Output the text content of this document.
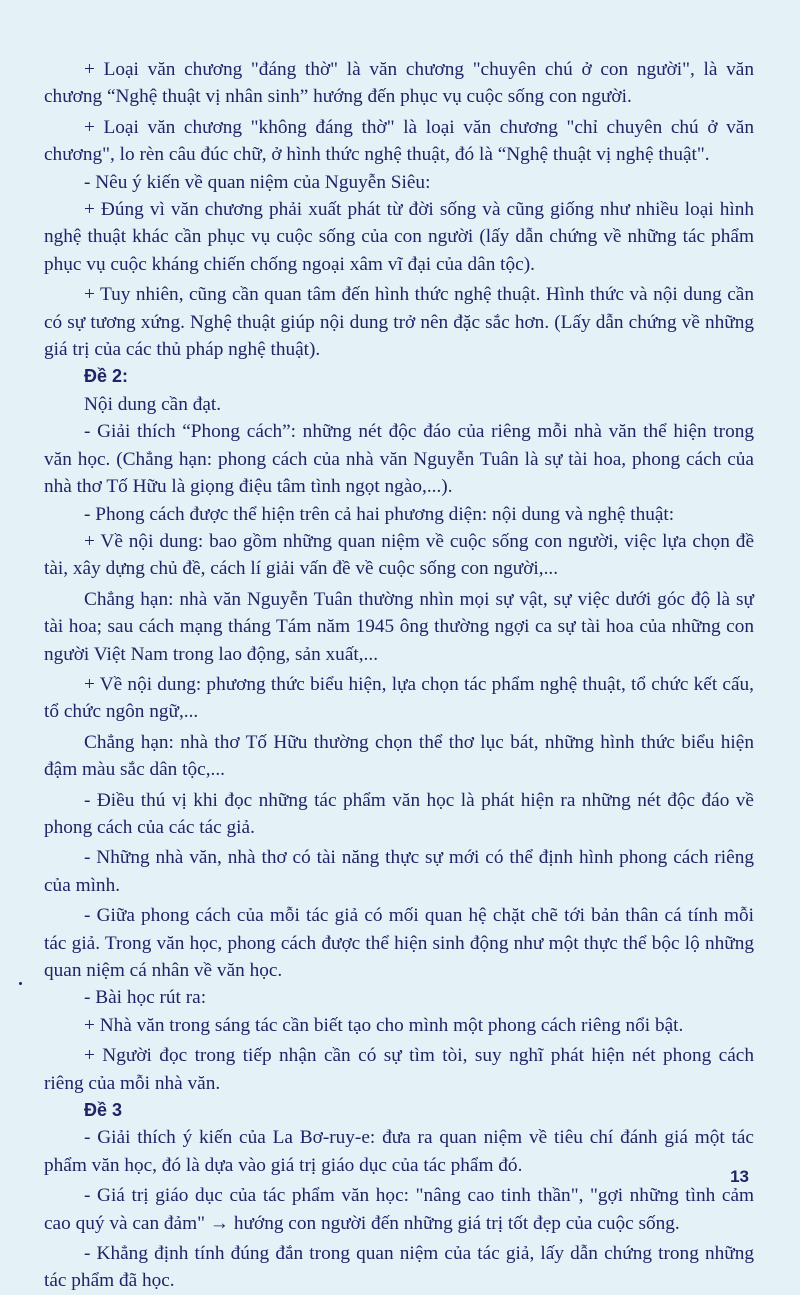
+ Loại văn chương "đáng thờ" là văn chương "chuyên chú ở con người", là văn chương “Nghệ thuật vị nhân sinh” hướng đến phục vụ cuộc sống con người.

+ Loại văn chương "không đáng thờ" là loại văn chương "chỉ chuyên chú ở văn chương", lo rèn câu đúc chữ, ở hình thức nghệ thuật, đó là “Nghệ thuật vị nghệ thuật".

- Nêu ý kiến về quan niệm của Nguyễn Siêu:

+ Đúng vì văn chương phải xuất phát từ đời sống và cũng giống như nhiều loại hình nghệ thuật khác cần phục vụ cuộc sống của con người (lấy dẫn chứng về những tác phẩm phục vụ cuộc kháng chiến chống ngoại xâm vĩ đại của dân tộc).

+ Tuy nhiên, cũng cần quan tâm đến hình thức nghệ thuật. Hình thức và nội dung cần có sự tương xứng. Nghệ thuật giúp nội dung trở nên đặc sắc hơn. (Lấy dẫn chứng về những giá trị của các thủ pháp nghệ thuật).

Đề 2:

Nội dung cần đạt.

- Giải thích “Phong cách”: những nét độc đáo của riêng mỗi nhà văn thể hiện trong văn học. (Chẳng hạn: phong cách của nhà văn Nguyễn Tuân là sự tài hoa, phong cách của nhà thơ Tố Hữu là giọng điệu tâm tình ngọt ngào,...).

- Phong cách được thể hiện trên cả hai phương diện: nội dung và nghệ thuật:

+ Về nội dung: bao gồm những quan niệm về cuộc sống con người, việc lựa chọn đề tài, xây dựng chủ đề, cách lí giải vấn đề về cuộc sống con người,...

Chẳng hạn: nhà văn Nguyễn Tuân thường nhìn mọi sự vật, sự việc dưới góc độ là sự tài hoa; sau cách mạng tháng Tám năm 1945 ông thường ngợi ca sự tài hoa của những con người Việt Nam trong lao động, sản xuất,...

+ Về nội dung: phương thức biểu hiện, lựa chọn tác phẩm nghệ thuật, tổ chức kết cấu, tổ chức ngôn ngữ,...

Chẳng hạn: nhà thơ Tố Hữu thường chọn thể thơ lục bát, những hình thức biểu hiện đậm màu sắc dân tộc,...

- Điều thú vị khi đọc những tác phẩm văn học là phát hiện ra những nét độc đáo về phong cách của các tác giả.

- Những nhà văn, nhà thơ có tài năng thực sự mới có thể định hình phong cách riêng của mình.

- Giữa phong cách của mỗi tác giả có mối quan hệ chặt chẽ tới bản thân cá tính mỗi tác giả. Trong văn học, phong cách được thể hiện sinh động như một thực thể bộc lộ những quan niệm cá nhân về văn học.

- Bài học rút ra:

+ Nhà văn trong sáng tác cần biết tạo cho mình một phong cách riêng nổi bật.

+ Người đọc trong tiếp nhận cần có sự tìm tòi, suy nghĩ phát hiện nét phong cách riêng của mỗi nhà văn.

Đề 3

- Giải thích ý kiến của La Bơ-ruy-e: đưa ra quan niệm về tiêu chí đánh giá một tác phẩm văn học, đó là dựa vào giá trị giáo dục của tác phẩm đó.

- Giá trị giáo dục của tác phẩm văn học: "nâng cao tinh thần", "gợi những tình cảm cao quý và can đảm" → hướng con người đến những giá trị tốt đẹp của cuộc sống.

- Khẳng định tính đúng đắn trong quan niệm của tác giả, lấy dẫn chứng trong những tác phẩm đã học.

13
